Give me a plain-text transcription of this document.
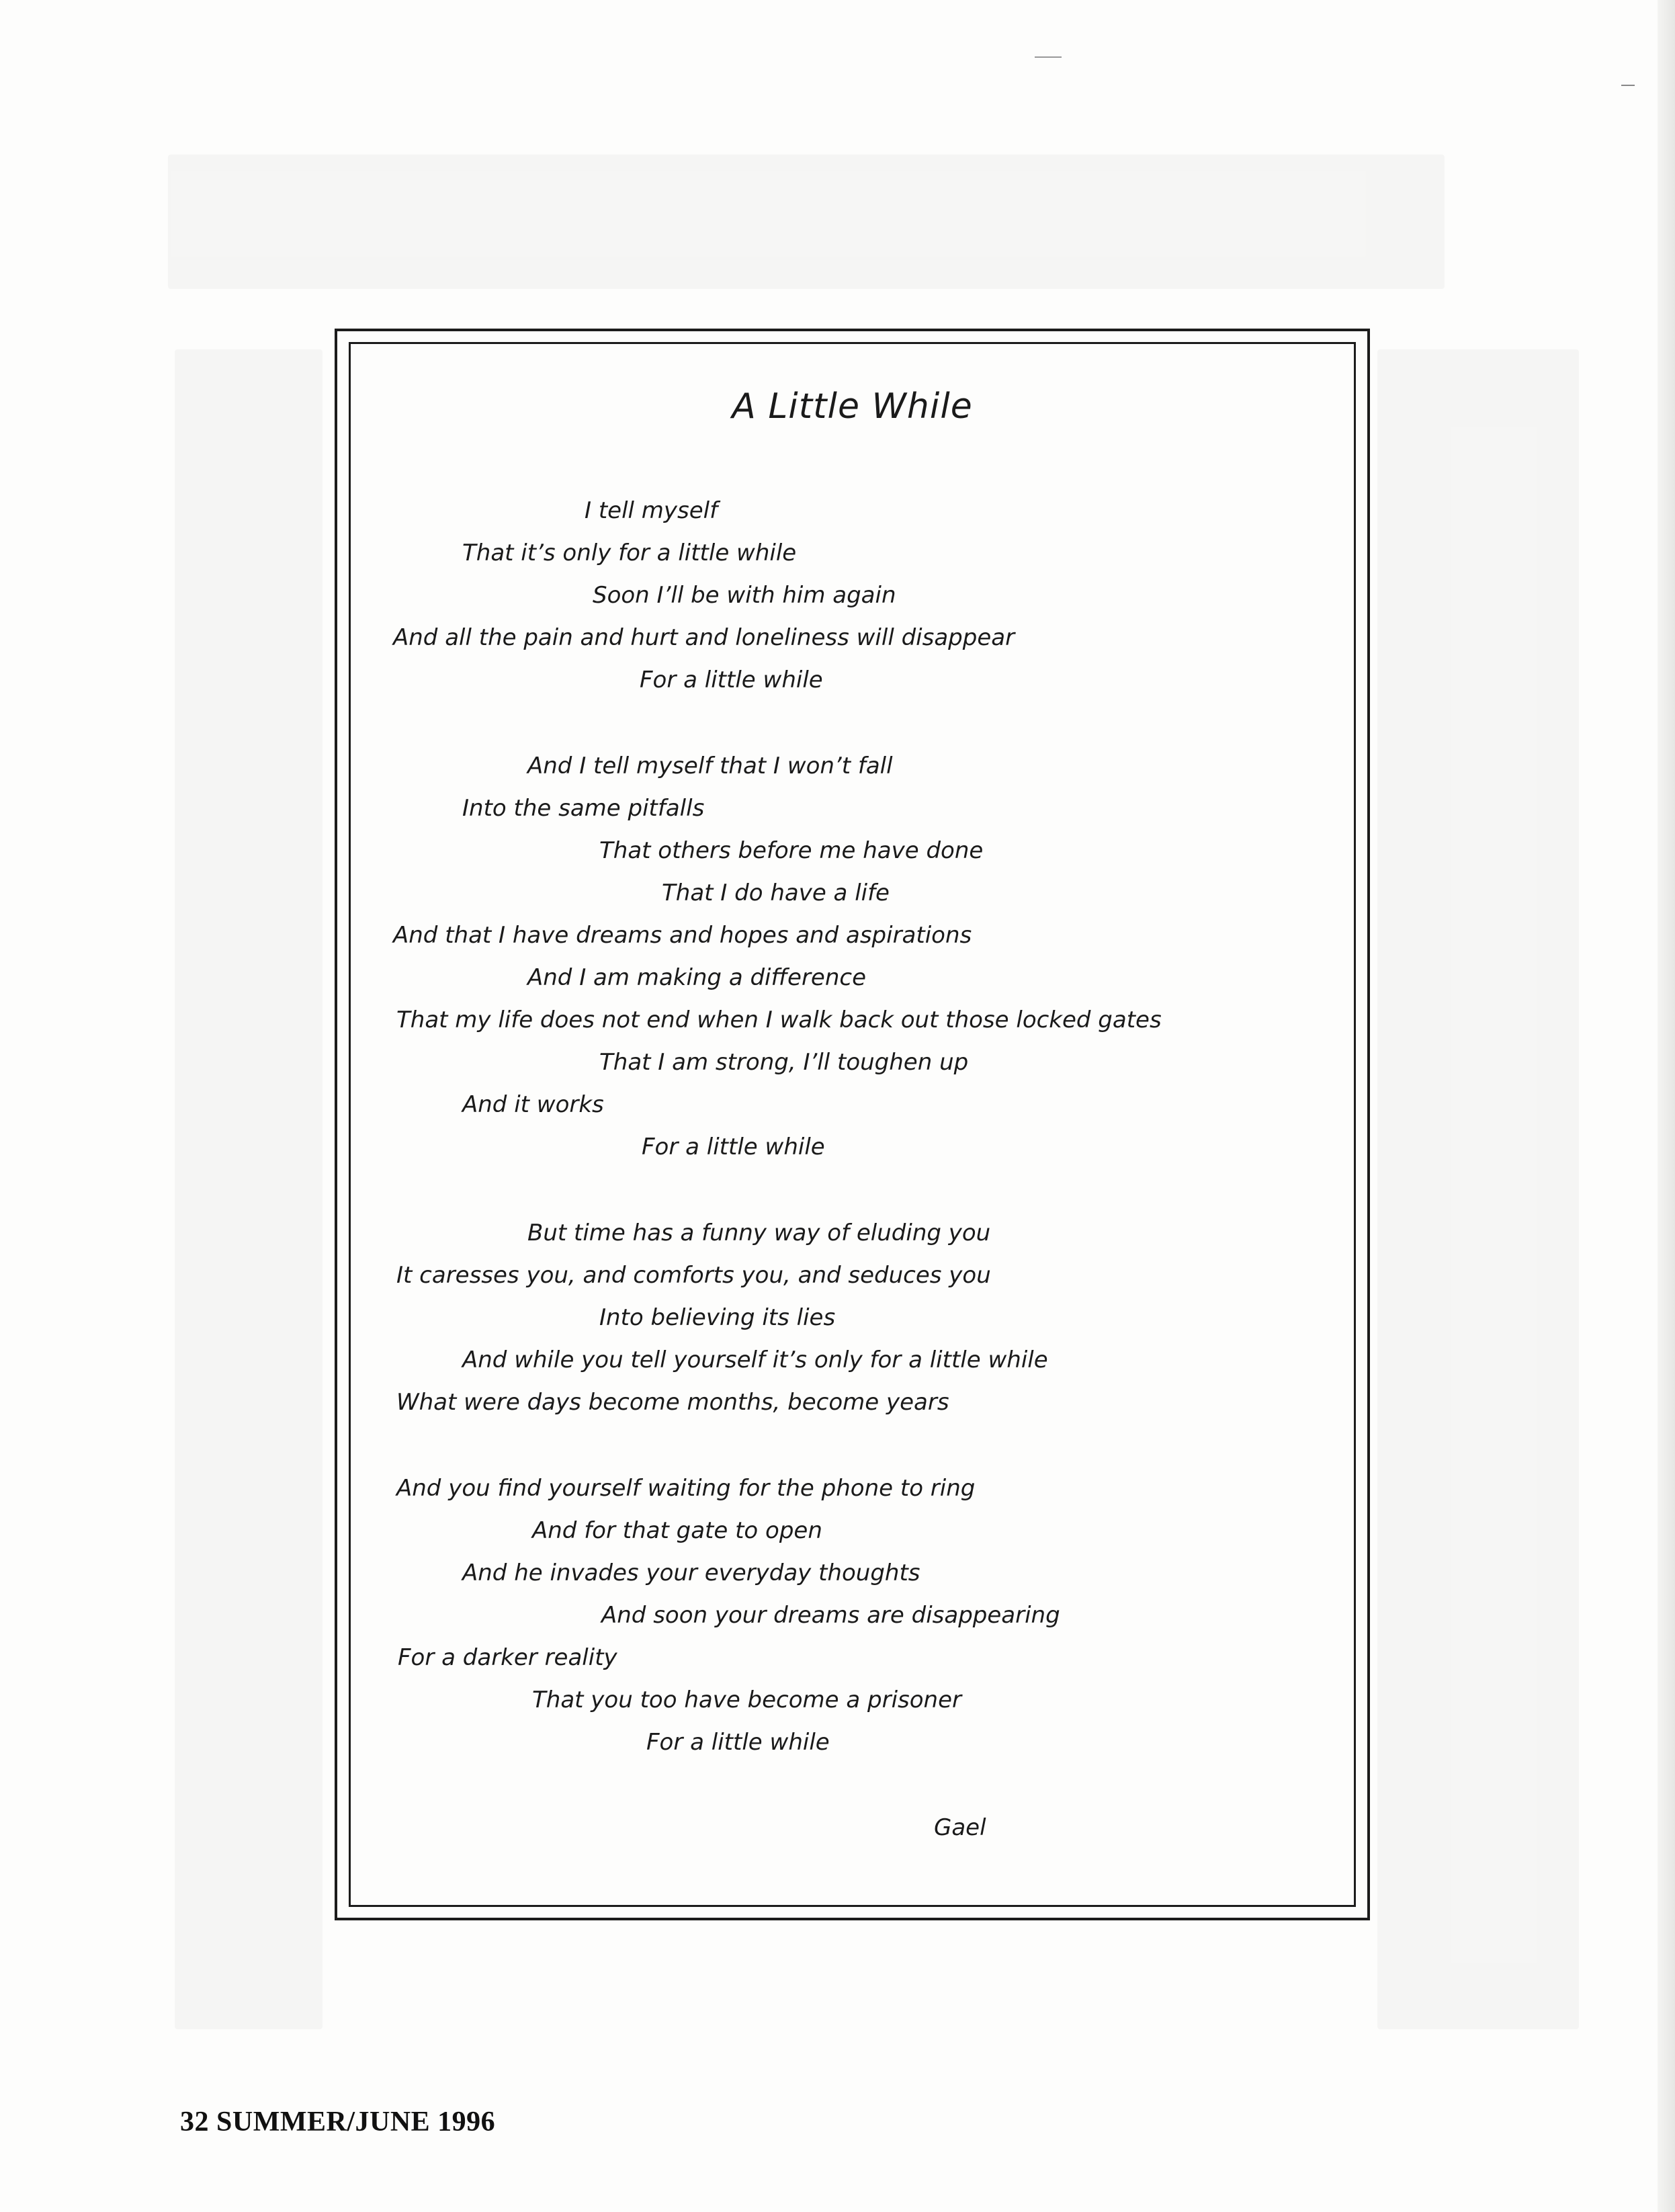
A Little While
I tell myself
That it’s only for a little while
Soon I’ll be with him again
And all the pain and hurt and loneliness will disappear
For a little while
And I tell myself that I won’t fall
Into the same pitfalls
That others before me have done
That I do have a life
And that I have dreams and hopes and aspirations
And I am making a difference
That my life does not end when I walk back out those locked gates
That I am strong, I’ll toughen up
And it works
For a little while
But time has a funny way of eluding you
It caresses you, and comforts you, and seduces you
Into believing its lies
And while you tell yourself it’s only for a little while
What were days become months, become years
And you find yourself waiting for the phone to ring
And for that gate to open
And he invades your everyday thoughts
And soon your dreams are disappearing
For a darker reality
That you too have become a prisoner
For a little while
Gael
32 SUMMER/JUNE 1996
